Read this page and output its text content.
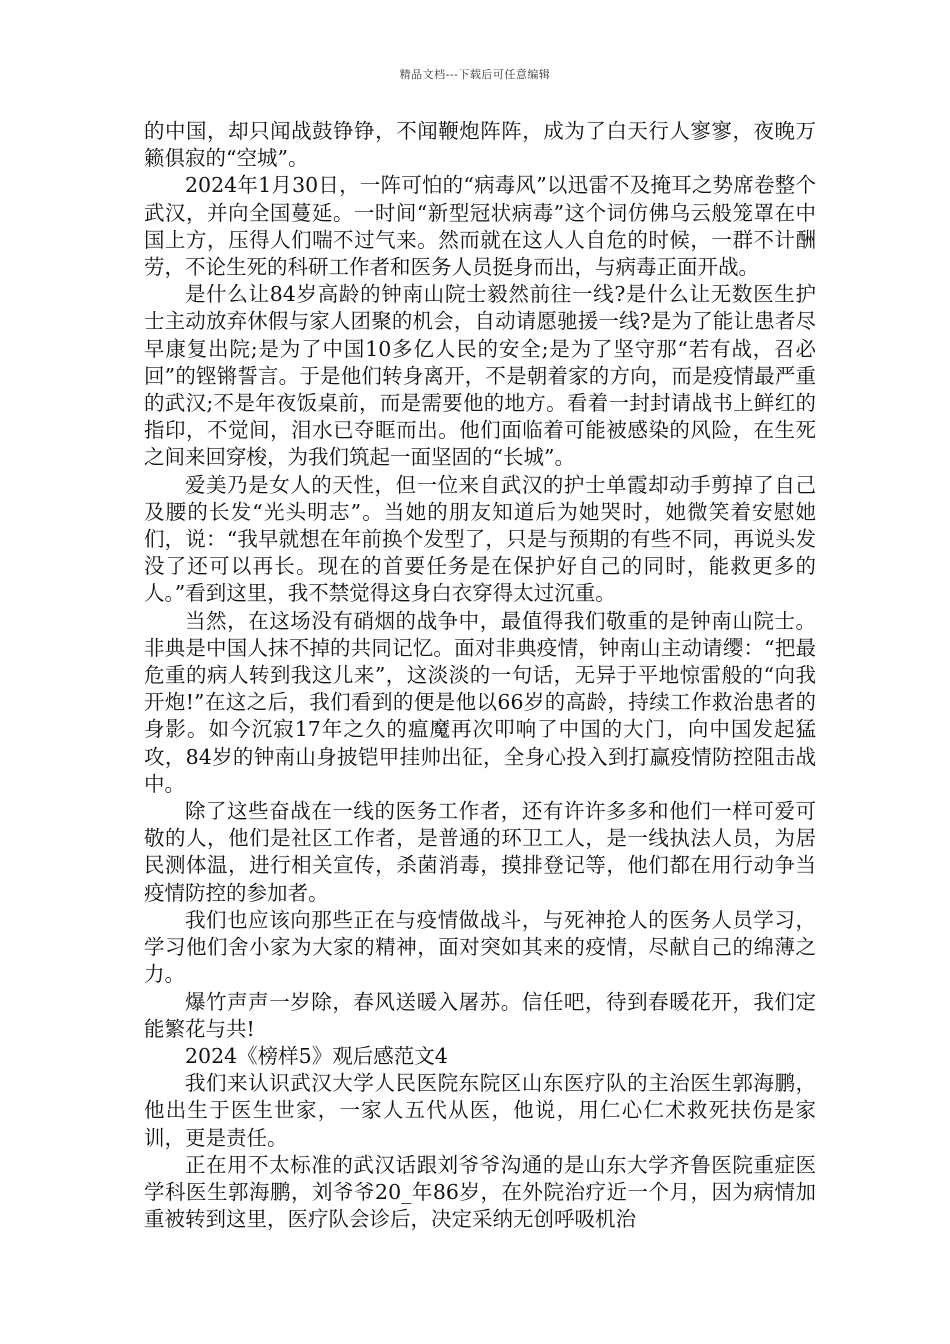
精品文档---下载后可任意编辑

的中国，却只闻战鼓铮铮，不闻鞭炮阵阵，成为了白天行人寥寥，夜晚万籁俱寂的“空城”。

2024年1月30日，一阵可怕的“病毒风”以迅雷不及掩耳之势席卷整个武汉，并向全国蔓延。一时间“新型冠状病毒”这个词仿佛乌云般笼罩在中国上方，压得人们喘不过气来。然而就在这人人自危的时候，一群不计酬劳，不论生死的科研工作者和医务人员挺身而出，与病毒正面开战。

是什么让84岁高龄的钟南山院士毅然前往一线?是什么让无数医生护士主动放弃休假与家人团聚的机会，自动请愿驰援一线?是为了能让患者尽早康复出院;是为了中国10多亿人民的安全;是为了坚守那“若有战，召必回”的铿锵誓言。于是他们转身离开，不是朝着家的方向，而是疫情最严重的武汉;不是年夜饭桌前，而是需要他的地方。看着一封封请战书上鲜红的指印，不觉间，泪水已夺眶而出。他们面临着可能被感染的风险，在生死之间来回穿梭，为我们筑起一面坚固的“长城”。

爱美乃是女人的天性，但一位来自武汉的护士单霞却动手剪掉了自己及腰的长发“光头明志”。当她的朋友知道后为她哭时，她微笑着安慰她们，说：“我早就想在年前换个发型了，只是与预期的有些不同，再说头发没了还可以再长。现在的首要任务是在保护好自己的同时，能救更多的人。”看到这里，我不禁觉得这身白衣穿得太过沉重。

当然，在这场没有硝烟的战争中，最值得我们敬重的是钟南山院士。非典是中国人抹不掉的共同记忆。面对非典疫情，钟南山主动请缨：“把最危重的病人转到我这儿来”，这淡淡的一句话，无异于平地惊雷般的“向我开炮!”在这之后，我们看到的便是他以66岁的高龄，持续工作救治患者的身影。如今沉寂17年之久的瘟魔再次叩响了中国的大门，向中国发起猛攻，84岁的钟南山身披铠甲挂帅出征，全身心投入到打赢疫情防控阻击战中。

除了这些奋战在一线的医务工作者，还有许许多多和他们一样可爱可敬的人，他们是社区工作者，是普通的环卫工人，是一线执法人员，为居民测体温，进行相关宣传，杀菌消毒，摸排登记等，他们都在用行动争当疫情防控的参加者。

我们也应该向那些正在与疫情做战斗，与死神抢人的医务人员学习，学习他们舍小家为大家的精神，面对突如其来的疫情，尽献自己的绵薄之力。

爆竹声声一岁除，春风送暖入屠苏。信任吧，待到春暖花开，我们定能繁花与共!

2024《榜样5》观后感范文4

我们来认识武汉大学人民医院东院区山东医疗队的主治医生郭海鹏，他出生于医生世家，一家人五代从医，他说，用仁心仁术救死扶伤是家训，更是责任。

正在用不太标准的武汉话跟刘爷爷沟通的是山东大学齐鲁医院重症医学科医生郭海鹏，刘爷爷20_年86岁，在外院治疗近一个月，因为病情加重被转到这里，医疗队会诊后，决定采纳无创呼吸机治
